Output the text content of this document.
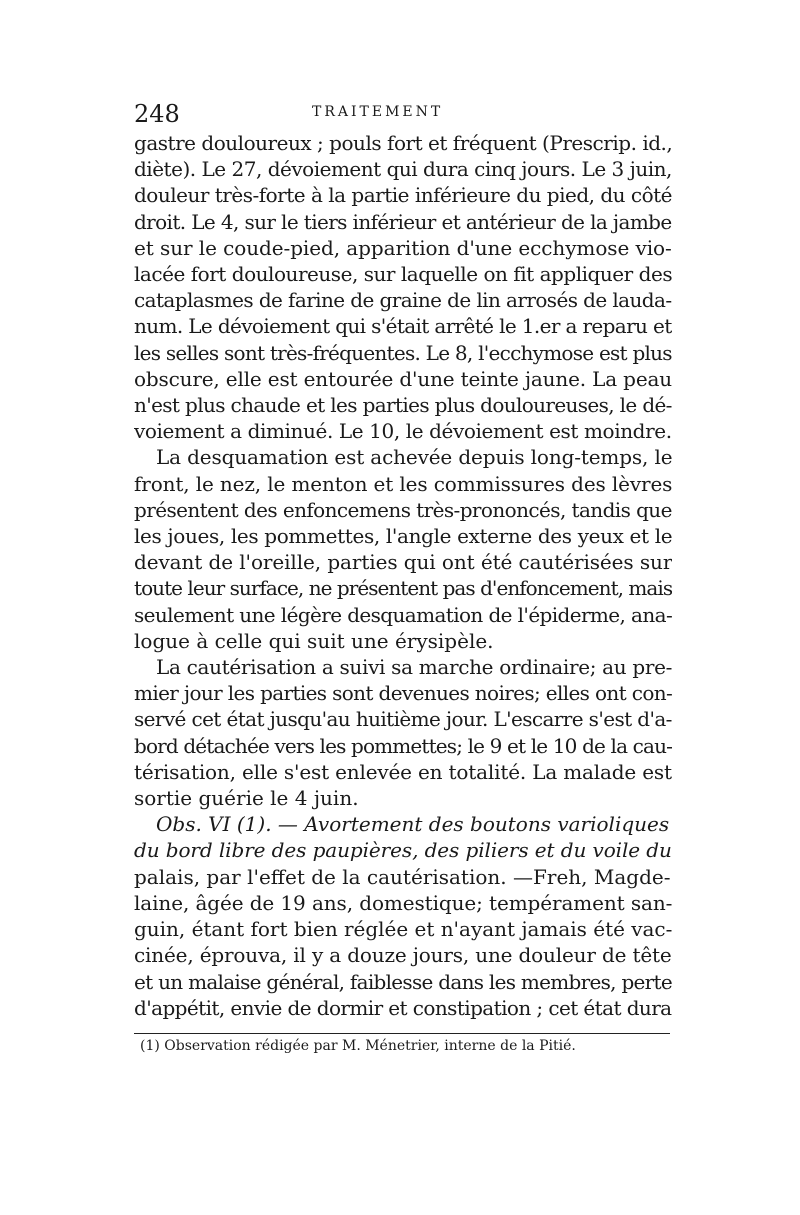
248	TRAITEMENT
gastre douloureux ; pouls fort et fréquent (Prescrip. id.,
diète). Le 27, dévoiement qui dura cinq jours. Le 3 juin,
douleur très-forte à la partie inférieure du pied, du côté
droit. Le 4, sur le tiers inférieur et antérieur de la jambe
et sur le coude-pied, apparition d'une ecchymose vio-
lacée fort douloureuse, sur laquelle on fit appliquer des
cataplasmes de farine de graine de lin arrosés de lauda-
num. Le dévoiement qui s'était arrêté le 1.er a reparu et
les selles sont très-fréquentes. Le 8, l'ecchymose est plus
obscure, elle est entourée d'une teinte jaune. La peau
n'est plus chaude et les parties plus douloureuses, le dé-
voiement a diminué. Le 10, le dévoiement est moindre.
La desquamation est achevée depuis long-temps, le
front, le nez, le menton et les commissures des lèvres
présentent des enfoncemens très-prononcés, tandis que
les joues, les pommettes, l'angle externe des yeux et le
devant de l'oreille, parties qui ont été cautérisées sur
toute leur surface, ne présentent pas d'enfoncement, mais
seulement une légère desquamation de l'épiderme, ana-
logue à celle qui suit une érysipèle.
La cautérisation a suivi sa marche ordinaire; au pre-
mier jour les parties sont devenues noires; elles ont con-
servé cet état jusqu'au huitième jour. L'escarre s'est d'a-
bord détachée vers les pommettes; le 9 et le 10 de la cau-
térisation, elle s'est enlevée en totalité. La malade est
sortie guérie le 4 juin.
Obs. VI (1). — Avortement des boutons varioliques
du bord libre des paupières, des piliers et du voile du
palais, par l'effet de la cautérisation. —Freh, Magde-
laine, âgée de 19 ans, domestique; tempérament san-
guin, étant fort bien réglée et n'ayant jamais été vac-
cinée, éprouva, il y a douze jours, une douleur de tête
et un malaise général, faiblesse dans les membres, perte
d'appétit, envie de dormir et constipation ; cet état dura
(1) Observation rédigée par M. Ménetrier, interne de la Pitié.
